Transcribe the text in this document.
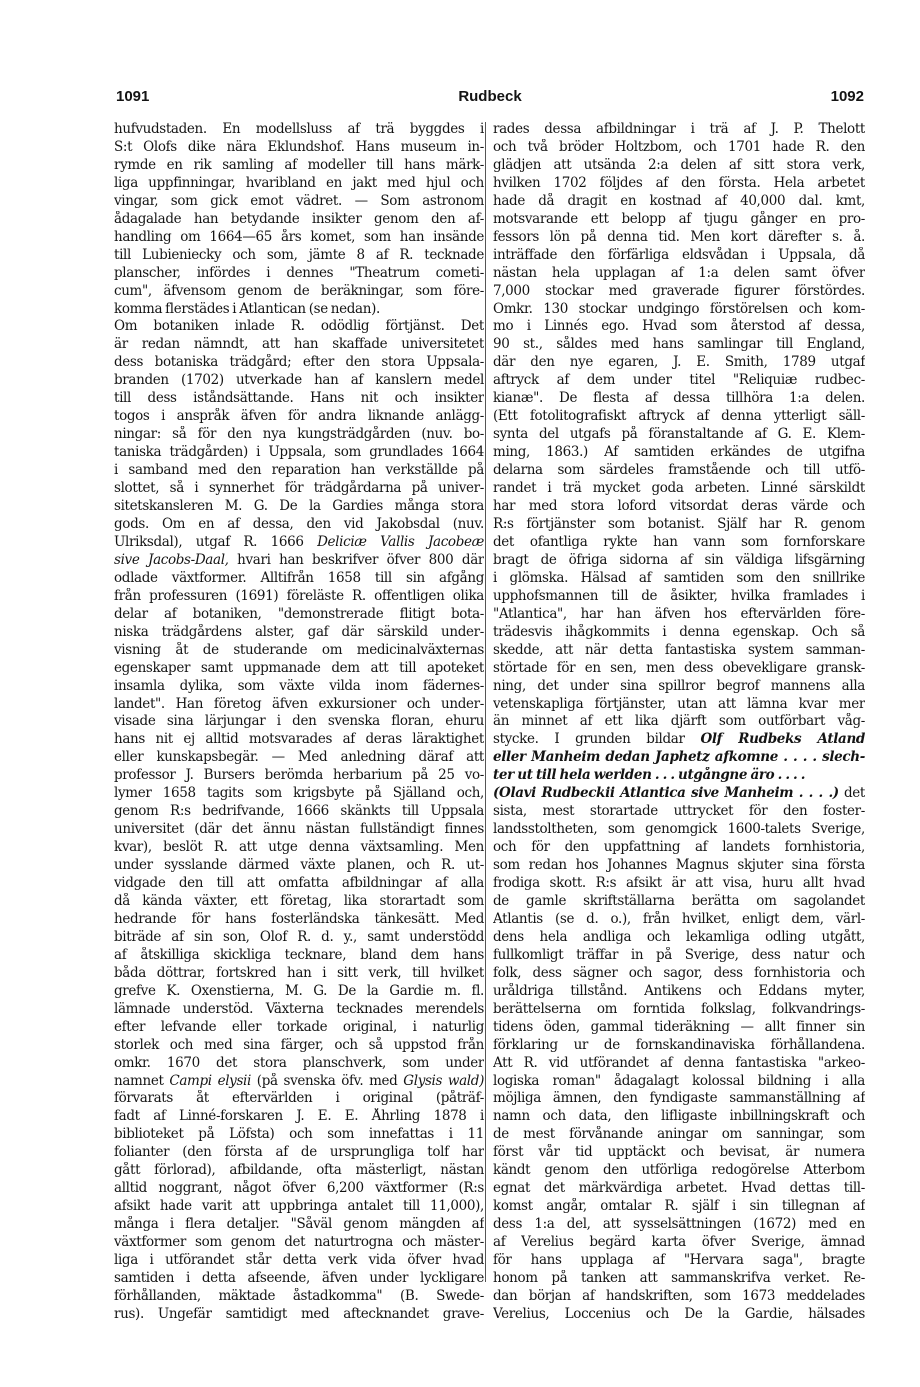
1091	Rudbeck	1092
hufvudstaden. En modellsluss af trä byggdes i
S:t Olofs dike nära Eklundshof. Hans museum in-
rymde en rik samling af modeller till hans märk-
liga uppfinningar, hvaribland en jakt med hjul och
vingar, som gick emot vädret. — Som astronom
ådagalade han betydande insikter genom den af-
handling om 1664—65 års komet, som han insände
till Lubieniecky och som, jämte 8 af R. tecknade
planscher, infördes i dennes "Theatrum cometi-
cum", äfvensom genom de beräkningar, som före-
komma flerstädes i Atlantican (se nedan).
Om botaniken inlade R. odödlig förtjänst. Det
är redan nämndt, att han skaffade universitetet
dess botaniska trädgård; efter den stora Uppsala-
branden (1702) utverkade han af kanslern medel
till dess iståndsättande. Hans nit och insikter
togos i anspråk äfven för andra liknande anlägg-
ningar: så för den nya kungsträdgården (nuv. bo-
taniska trädgården) i Uppsala, som grundlades 1664
i samband med den reparation han verkställde på
slottet, så i synnerhet för trädgårdarna på univer-
sitetskansleren M. G. De la Gardies många stora
gods. Om en af dessa, den vid Jakobsdal (nuv.
Ulriksdal), utgaf R. 1666 Deliciæ Vallis Jacobeæ
sive Jacobs-Daal, hvari han beskrifver öfver 800 där
odlade växtformer. Alltifrån 1658 till sin afgång
från professuren (1691) föreläste R. offentligen olika
delar af botaniken, "demonstrerade flitigt bota-
niska trädgårdens alster, gaf där särskild under-
visning åt de studerande om medicinalväxternas
egenskaper samt uppmanade dem att till apoteket
insamla dylika, som växte vilda inom fädernes-
landet". Han företog äfven exkursioner och under-
visade sina lärjungar i den svenska floran, ehuru
hans nit ej alltid motsvarades af deras läraktighet
eller kunskapsbegär. — Med anledning däraf att
professor J. Bursers berömda herbarium på 25 vo-
lymer 1658 tagits som krigsbyte på Själland och,
genom R:s bedrifvande, 1666 skänkts till Uppsala
universitet (där det ännu nästan fullständigt finnes
kvar), beslöt R. att utge denna växtsamling. Men
under sysslande därmed växte planen, och R. ut-
vidgade den till att omfatta afbildningar af alla
då kända växter, ett företag, lika storartadt som
hedrande för hans fosterländska tänkesätt. Med
biträde af sin son, Olof R. d. y., samt understödd
af åtskilliga skickliga tecknare, bland dem hans
båda döttrar, fortskred han i sitt verk, till hvilket
grefve K. Oxenstierna, M. G. De la Gardie m. fl.
lämnade understöd. Växterna tecknades merendels
efter lefvande eller torkade original, i naturlig
storlek och med sina färger, och så uppstod från
omkr. 1670 det stora planschverk, som under
namnet Campi elysii (på svenska öfv. med Glysis wald)
förvarats åt eftervärlden i original (påträf-
fadt af Linné-forskaren J. E. E. Åhrling 1878 i
biblioteket på Löfsta) och som innefattas i 11
folianter (den första af de ursprungliga tolf har
gått förlorad), afbildande, ofta mästerligt, nästan
alltid noggrant, något öfver 6,200 växtformer (R:s
afsikt hade varit att uppbringa antalet till 11,000),
många i flera detaljer. "Såväl genom mängden af
växtformer som genom det naturtrogna och mäster-
liga i utförandet står detta verk vida öfver hvad
samtiden i detta afseende, äfven under lyckligare
förhållanden, mäktade åstadkomma" (B. Swede-
rus). Ungefär samtidigt med aftecknandet grave-
rades dessa afbildningar i trä af J. P. Thelott
och två bröder Holtzbom, och 1701 hade R. den
glädjen att utsända 2:a delen af sitt stora verk,
hvilken 1702 följdes af den första. Hela arbetet
hade då dragit en kostnad af 40,000 dal. kmt,
motsvarande ett belopp af tjugu gånger en pro-
fessors lön på denna tid. Men kort därefter s. å.
inträffade den förfärliga eldsvådan i Uppsala, då
nästan hela upplagan af 1:a delen samt öfver
7,000 stockar med graverade figurer förstördes.
Omkr. 130 stockar undgingo förstörelsen och kom-
mo i Linnés ego. Hvad som återstod af dessa,
90 st., såldes med hans samlingar till England,
där den nye egaren, J. E. Smith, 1789 utgaf
aftryck af dem under titel "Reliquiæ rudbec-
kianæ". De flesta af dessa tillhöra 1:a delen.
(Ett fotolitografiskt aftryck af denna ytterligt säll-
synta del utgafs på föranstaltande af G. E. Klem-
ming, 1863.) Af samtiden erkändes de utgifna
delarna som särdeles framstående och till utfö-
randet i trä mycket goda arbeten. Linné särskildt
har med stora loford vitsordat deras värde och
R:s förtjänster som botanist. Själf har R. genom
det ofantliga rykte han vann som fornforskare
bragt de öfriga sidorna af sin väldiga lifsgärning
i glömska. Hälsad af samtiden som den snillrike
upphofsmannen till de åsikter, hvilka framlades i
"Atlantica", har han äfven hos eftervärlden före-
trädesvis ihågkommits i denna egenskap. Och så
skedde, att när detta fantastiska system samman-
störtade för en sen, men dess obevekligare gransk-
ning, det under sina spillror begrof mannens alla
vetenskapliga förtjänster, utan att lämna kvar mer
än minnet af ett lika djärft som outförbart våg-
stycke. I grunden bildar Olf Rudbeks Atland
eller Manheim dedan Japhetz afkomne . . . . slech-
ter ut till hela werlden . . . utgångne äro . . . .
(Olavi Rudbeckii Atlantica sive Manheim . . . .) det
sista, mest storartade uttrycket för den foster-
landsstoltheten, som genomgick 1600-talets Sverige,
och för den uppfattning af landets fornhistoria,
som redan hos Johannes Magnus skjuter sina första
frodiga skott. R:s afsikt är att visa, huru allt hvad
de gamle skriftställarna berätta om sagolandet
Atlantis (se d. o.), från hvilket, enligt dem, värl-
dens hela andliga och lekamliga odling utgått,
fullkomligt träffar in på Sverige, dess natur och
folk, dess sägner och sagor, dess fornhistoria och
uråldriga tillstånd. Antikens och Eddans myter,
berättelserna om forntida folkslag, folkvandrings-
tidens öden, gammal tideräkning — allt finner sin
förklaring ur de fornskandinaviska förhållandena.
Att R. vid utförandet af denna fantastiska "arkeo-
logiska roman" ådagalagt kolossal bildning i alla
möjliga ämnen, den fyndigaste sammanställning af
namn och data, den lifligaste inbillningskraft och
de mest förvånande aningar om sanningar, som
först vår tid upptäckt och bevisat, är numera
kändt genom den utförliga redogörelse Atterbom
egnat det märkvärdiga arbetet. Hvad dettas till-
komst angår, omtalar R. själf i sin tillegnan af
dess 1:a del, att sysselsättningen (1672) med en
af Verelius begärd karta öfver Sverige, ämnad
för hans upplaga af "Hervara saga", bragte
honom på tanken att sammanskrifva verket. Re-
dan början af handskriften, som 1673 meddelades
Verelius, Loccenius och De la Gardie, hälsades
